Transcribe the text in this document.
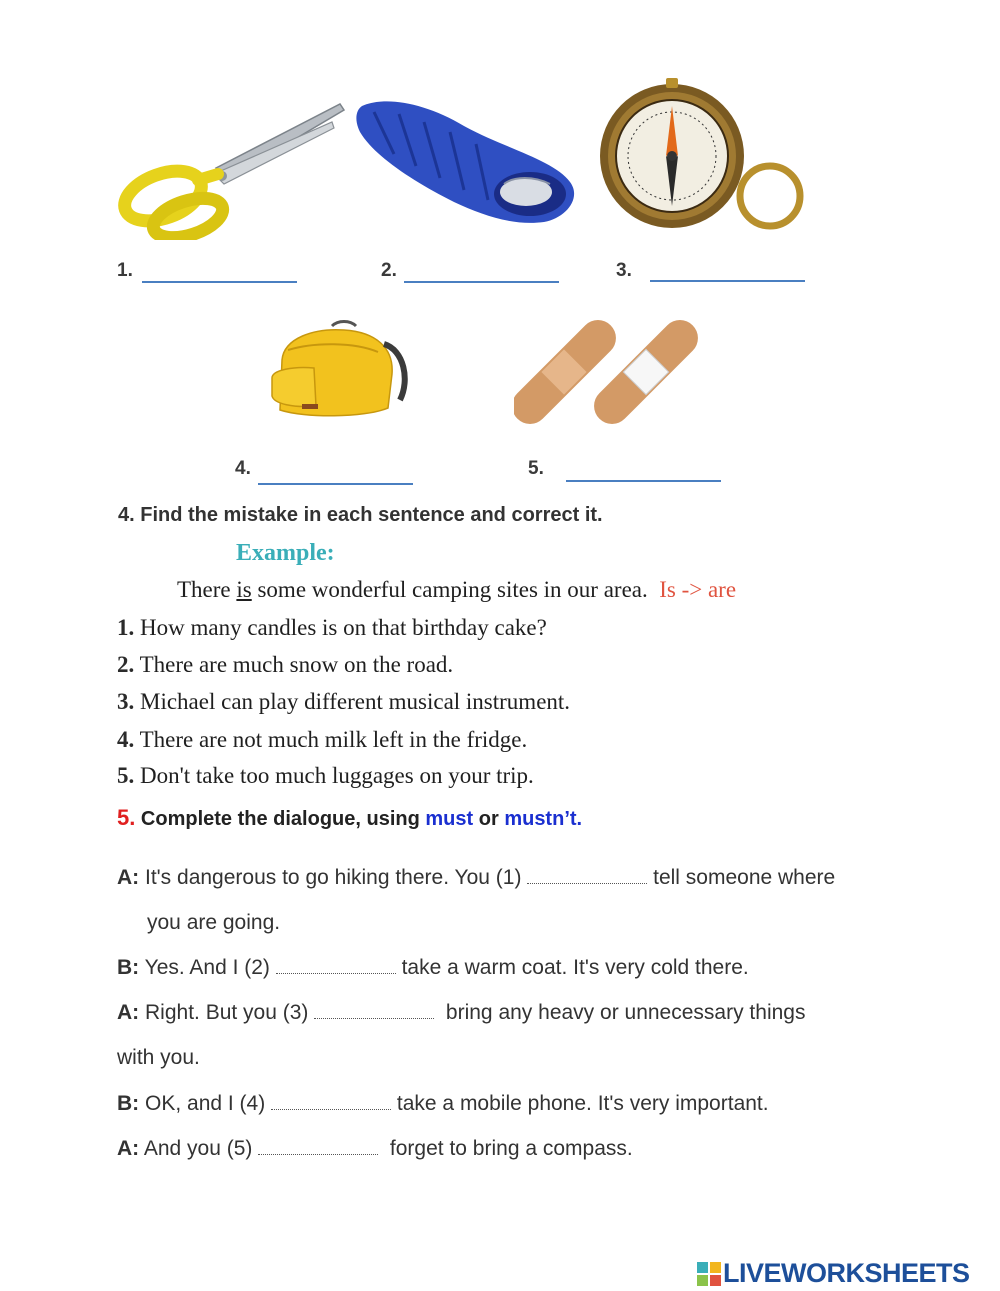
1.	2.	3.
4.	5.
4. Find the mistake in each sentence and correct it.
Example:
There is some wonderful camping sites in our area. Is -> are
1. How many candles is on that birthday cake?
2. There are much snow on the road.
3. Michael can play different musical instrument.
4. There are not much milk left in the fridge.
5. Don't take too much luggages on your trip.
5. Complete the dialogue, using must or mustn’t.
A: It's dangerous to go hiking there. You (1)	tell someone where
you are going.
B: Yes. And I (2)	take a warm coat. It's very cold there.
A: Right. But you (3)	bring any heavy or unnecessary things
with you.
B: OK, and I (4)	take a mobile phone. It's very important.
A: And you (5)	forget to bring a compass.
LIVEWORKSHEETS
